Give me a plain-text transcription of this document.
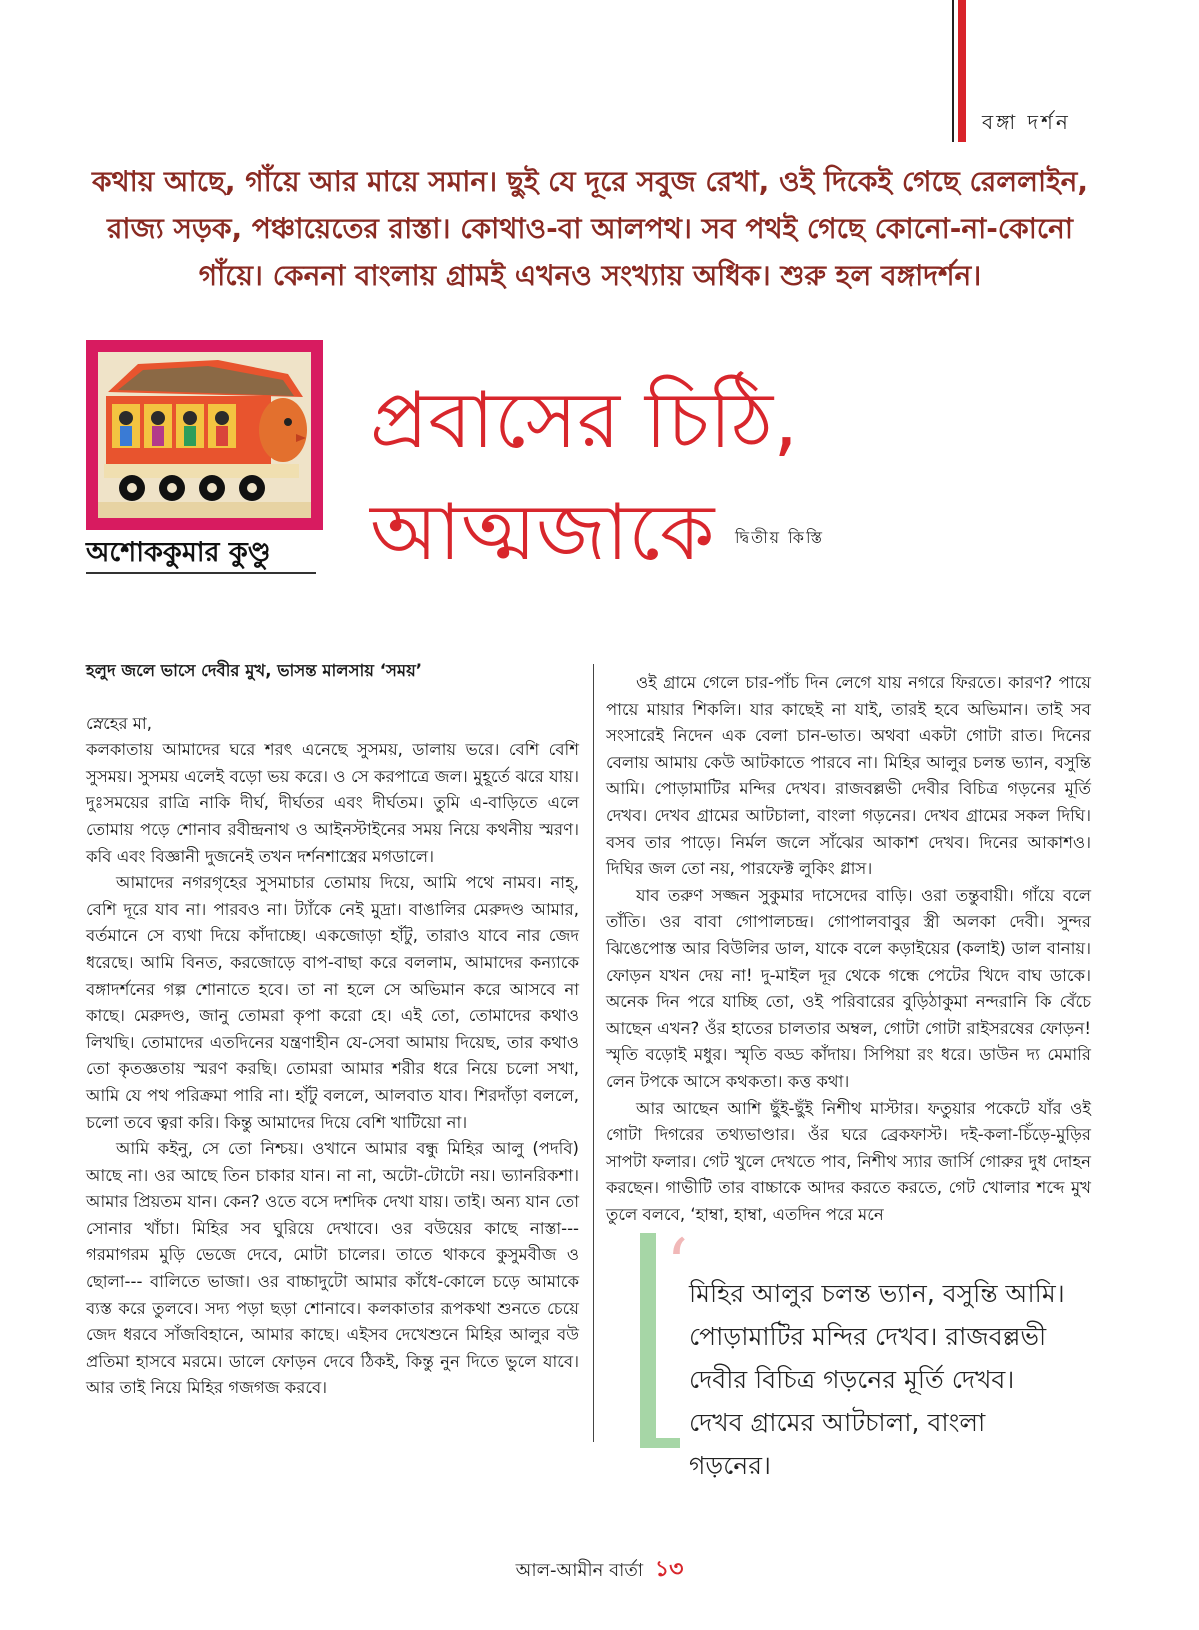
বঙ্গা দর্শন
কথায় আছে, গাঁয়ে আর মায়ে সমান। ছুই যে দূরে সবুজ রেখা, ওই দিকেই গেছে রেললাইন, রাজ্য সড়ক, পঞ্চায়েতের রাস্তা। কোথাও-বা আলপথ। সব পথই গেছে কোনো-না-কোনো গাঁয়ে। কেননা বাংলায় গ্রামই এখনও সংখ্যায় অধিক। শুরু হল বঙ্গাদর্শন।
প্রবাসের চিঠি,
আত্মজাকে	দ্বিতীয় কিস্তি
অশোককুমার কুণ্ডু

হলুদ জলে ভাসে দেবীর মুখ, ভাসন্ত মালসায় ‘সময়’

স্নেহের মা,

কলকাতায় আমাদের ঘরে শরৎ এনেছে সুসময়, ডালায় ভরে। বেশি বেশি সুসময়। সুসময় এলেই বড়ো ভয় করে। ও সে করপাত্রে জল। মুহূর্তে ঝরে যায়। দুঃসময়ের রাত্রি নাকি দীর্ঘ, দীর্ঘতর এবং দীর্ঘতম। তুমি এ-বাড়িতে এলে তোমায় পড়ে শোনাব রবীন্দ্রনাথ ও আইনস্টাইনের সময় নিয়ে কথনীয় স্মরণ। কবি এবং বিজ্ঞানী দুজনেই তখন দর্শনশাস্ত্রের মগডালে।

আমাদের নগরগৃহের সুসমাচার তোমায় দিয়ে, আমি পথে নামব। নাহ্, বেশি দূরে যাব না। পারবও না। ট্যাঁকে নেই মুদ্রা। বাঙালির মেরুদণ্ড আমার, বর্তমানে সে ব্যথা দিয়ে কাঁদাচ্ছে। একজোড়া হাঁটু, তারাও যাবে নার জেদ ধরেছে। আমি বিনত, করজোড়ে বাপ-বাছা করে বললাম, আমাদের কন্যাকে বঙ্গাদর্শনের গল্প শোনাতে হবে। তা না হলে সে অভিমান করে আসবে না কাছে। মেরুদণ্ড, জানু তোমরা কৃপা করো হে। এই তো, তোমাদের কথাও লিখছি। তোমাদের এতদিনের যন্ত্রণাহীন যে-সেবা আমায় দিয়েছ, তার কথাও তো কৃতজ্ঞতায় স্মরণ করছি। তোমরা আমার শরীর ধরে নিয়ে চলো সখা, আমি যে পথ পরিক্রমা পারি না। হাঁটু বললে, আলবাত যাব। শিরদাঁড়া বললে, চলো তবে ত্বরা করি। কিন্তু আমাদের দিয়ে বেশি খাটিয়ো না।

আমি কইনু, সে তো নিশ্চয়। ওখানে আমার বন্ধু মিহির আলু (পদবি) আছে না। ওর আছে তিন চাকার যান। না না, অটো-টোটো নয়। ভ্যানরিকশা। আমার প্রিয়তম যান। কেন? ওতে বসে দশদিক দেখা যায়। তাই। অন্য যান তো সোনার খাঁচা। মিহির সব ঘুরিয়ে দেখাবে। ওর বউয়ের কাছে নাস্তা--- গরমাগরম মুড়ি ভেজে দেবে, মোটা চালের। তাতে থাকবে কুসুমবীজ ও ছোলা--- বালিতে ভাজা। ওর বাচ্চাদুটো আমার কাঁধে-কোলে চড়ে আমাকে ব্যস্ত করে তুলবে। সদ্য পড়া ছড়া শোনাবে। কলকাতার রূপকথা শুনতে চেয়ে জেদ ধরবে সাঁজবিহানে, আমার কাছে। এইসব দেখেশুনে মিহির আলুর বউ প্রতিমা হাসবে মরমে। ডালে ফোড়ন দেবে ঠিকই, কিন্তু নুন দিতে ভুলে যাবে। আর তাই নিয়ে মিহির গজগজ করবে।

ওই গ্রামে গেলে চার-পাঁচ দিন লেগে যায় নগরে ফিরতে। কারণ? পায়ে পায়ে মায়ার শিকলি। যার কাছেই না যাই, তারই হবে অভিমান। তাই সব সংসারেই নিদেন এক বেলা চান-ভাত। অথবা একটা গোটা রাত। দিনের বেলায় আমায় কেউ আটকাতে পারবে না। মিহির আলুর চলন্ত ভ্যান, বসুন্তি আমি। পোড়ামাটির মন্দির দেখব। রাজবল্লভী দেবীর বিচিত্র গড়নের মূর্তি দেখব। দেখব গ্রামের আটচালা, বাংলা গড়নের। দেখব গ্রামের সকল দিঘি। বসব তার পাড়ে। নির্মল জলে সাঁঝের আকাশ দেখব। দিনের আকাশও। দিঘির জল তো নয়, পারফেক্ট লুকিং গ্লাস।

যাব তরুণ সজ্জন সুকুমার দাসেদের বাড়ি। ওরা তন্তুবায়ী। গাঁয়ে বলে তাঁতি। ওর বাবা গোপালচন্দ্র। গোপালবাবুর স্ত্রী অলকা দেবী। সুন্দর ঝিঙেপোস্ত আর বিউলির ডাল, যাকে বলে কড়াইয়ের (কলাই) ডাল বানায়। ফোড়ন যখন দেয় না! দু-মাইল দূর থেকে গন্ধে পেটের খিদে বাঘ ডাকে। অনেক দিন পরে যাচ্ছি তো, ওই পরিবারের বুড়িঠাকুমা নন্দরানি কি বেঁচে আছেন এখন? ওঁর হাতের চালতার অম্বল, গোটা গোটা রাইসরষের ফোড়ন! স্মৃতি বড়োই মধুর। স্মৃতি বড্ড কাঁদায়। সিপিয়া রং ধরে। ডাউন দ্য মেমারি লেন টপকে আসে কথকতা। কত্ত কথা।

আর আছেন আশি ছুঁই-ছুঁই নিশীথ মাস্টার। ফতুয়ার পকেটে যাঁর ওই গোটা দিগরের তথ্যভাণ্ডার। ওঁর ঘরে ব্রেকফাস্ট। দই-কলা-চিঁড়ে-মুড়ির সাপটা ফলার। গেট খুলে দেখতে পাব, নিশীথ স্যার জার্সি গোরুর দুধ দোহন করছেন। গাভীটি তার বাচ্চাকে আদর করতে করতে, গেট খোলার শব্দে মুখ তুলে বলবে, ‘হাম্বা, হাম্বা, এতদিন পরে মনে

‘ মিহির আলুর চলন্ত ভ্যান, বসুন্তি আমি। পোড়ামাটির মন্দির দেখব। রাজবল্লভী দেবীর বিচিত্র গড়নের মূর্তি দেখব। দেখব গ্রামের আটচালা, বাংলা গড়নের।
আল-আমীন বার্তা ১৩
